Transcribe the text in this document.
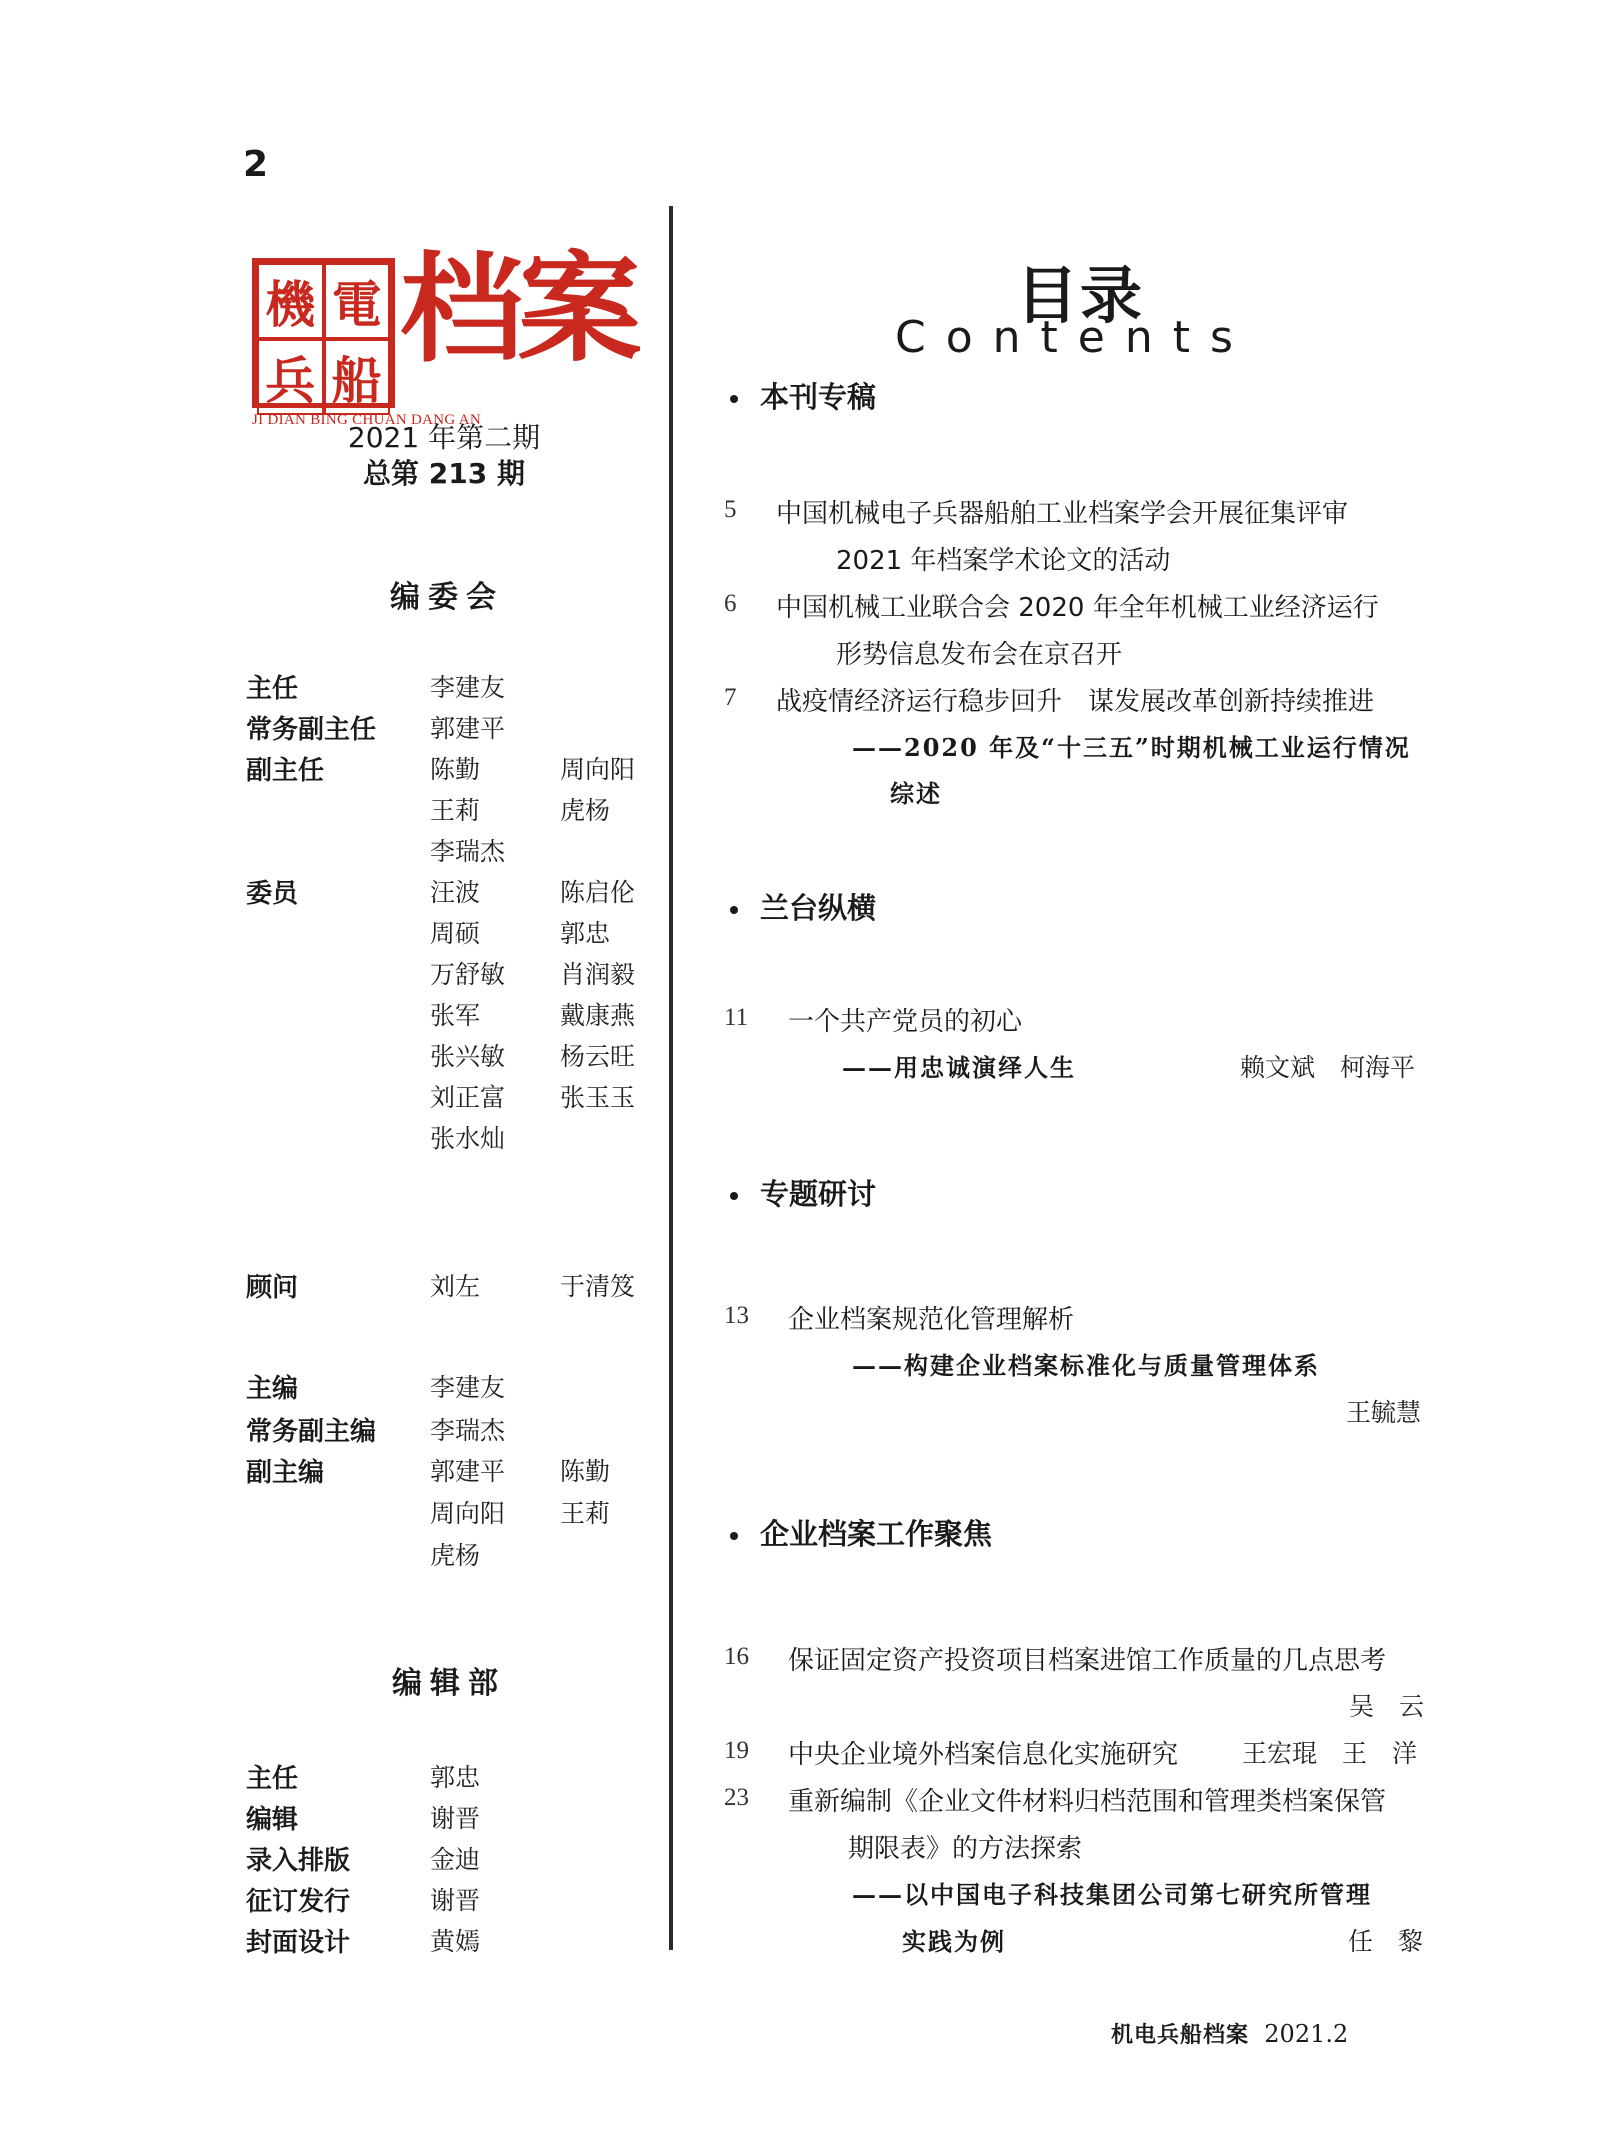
2
機 電
兵 船
档案
JI DIAN BING CHUAN DANG AN
2021 年第二期
总第 213 期
编委会
主任	李建友
常务副主任 郭建平
副主任	陈勤	周向阳
王莉	虎杨
李瑞杰
委员	汪波	陈启伦
周硕	郭忠
万舒敏	肖润毅
张军	戴康燕
张兴敏	杨云旺
刘正富	张玉玉
张水灿
顾问	刘左	于清笈
主编	李建友
常务副主编 李瑞杰
副主编	郭建平	陈勤
周向阳	王莉
虎杨
编辑部
主任	郭忠
编辑	谢晋
录入排版	金迪
征订发行	谢晋
封面设计	黄嫣
目录
Contents
本刊专稿
5 中国机械电子兵器船舶工业档案学会开展征集评审
2021 年档案学术论文的活动
6 中国机械工业联合会 2020 年全年机械工业经济运行
形势信息发布会在京召开
7 战疫情经济运行稳步回升　谋发展改革创新持续推进
——2020 年及“十三五”时期机械工业运行情况
综述
兰台纵横
11 一个共产党员的初心
——用忠诚演绎人生	赖文斌　柯海平
专题研讨
13 企业档案规范化管理解析
——构建企业档案标准化与质量管理体系
王毓慧
企业档案工作聚焦
16 保证固定资产投资项目档案进馆工作质量的几点思考
吴　云
19 中央企业境外档案信息化实施研究	王宏琨　王　洋
23 重新编制《企业文件材料归档范围和管理类档案保管
期限表》的方法探索
——以中国电子科技集团公司第七研究所管理
实践为例	任　黎
机电兵船档案 2021.2
